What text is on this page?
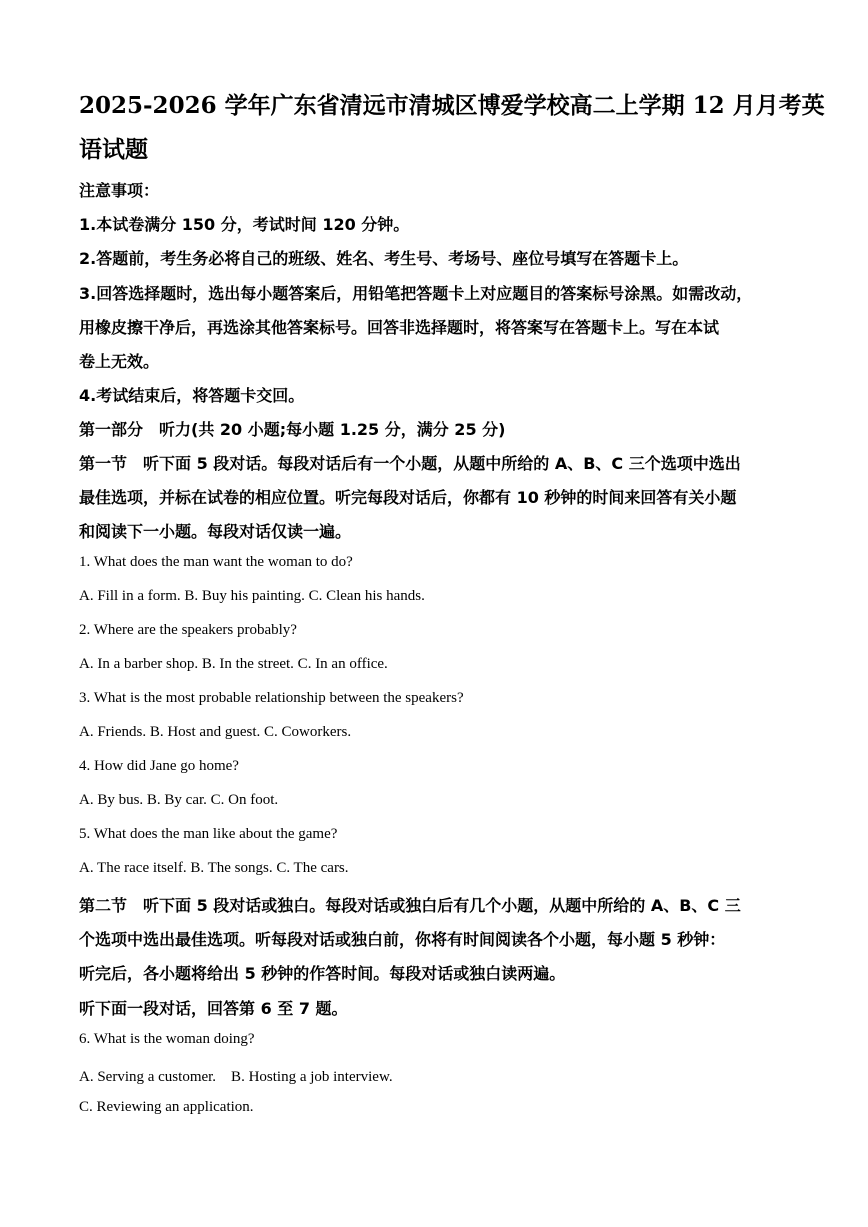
2025-2026 学年广东省清远市清城区博爱学校高二上学期 12 月月考英
语试题
注意事项：
1.本试卷满分 150 分，考试时间 120 分钟。
2.答题前，考生务必将自己的班级、姓名、考生号、考场号、座位号填写在答题卡上。
3.回答选择题时，选出每小题答案后，用铅笔把答题卡上对应题目的答案标号涂黑。如需改动，
用橡皮擦干净后，再选涂其他答案标号。回答非选择题时，将答案写在答题卡上。写在本试
卷上无效。
4.考试结束后，将答题卡交回。
第一部分　听力(共 20 小题;每小题 1.25 分，满分 25 分)
第一节　听下面 5 段对话。每段对话后有一个小题，从题中所给的 A、B、C 三个选项中选出
最佳选项，并标在试卷的相应位置。听完每段对话后，你都有 10 秒钟的时间来回答有关小题
和阅读下一小题。每段对话仅读一遍。
1. What does the man want the woman to do?
A. Fill in a form. B. Buy his painting. C. Clean his hands.
2. Where are the speakers probably?
A. In a barber shop. B. In the street. C. In an office.
3. What is the most probable relationship between the speakers?
A. Friends. B. Host and guest. C. Coworkers.
4. How did Jane go home?
A. By bus. B. By car. C. On foot.
5. What does the man like about the game?
A. The race itself. B. The songs. C. The cars.
第二节　听下面 5 段对话或独白。每段对话或独白后有几个小题，从题中所给的 A、B、C 三
个选项中选出最佳选项。听每段对话或独白前，你将有时间阅读各个小题，每小题 5 秒钟：
听完后，各小题将给出 5 秒钟的作答时间。每段对话或独白读两遍。
听下面一段对话，回答第 6 至 7 题。
6. What is the woman doing?
A. Serving a customer.　B. Hosting a job interview.
C. Reviewing an application.
